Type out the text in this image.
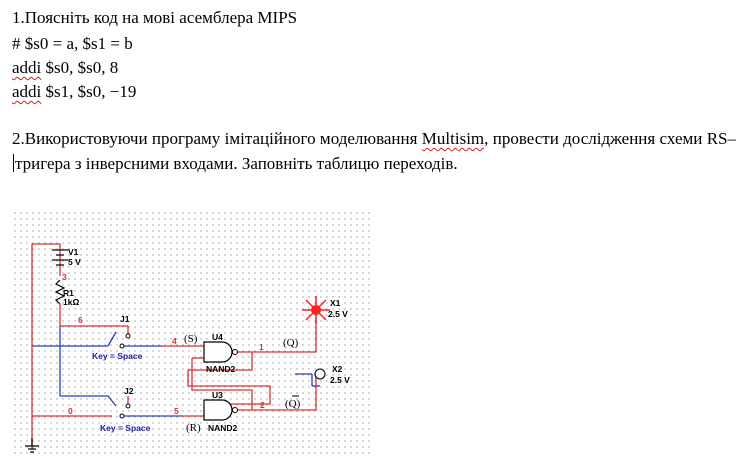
1.Поясніть код на мові асемблера MIPS
# $s0 = a, $s1 = b
addi $s0, $s0, 8
addi $s1, $s0, −19
2.Використовуючи програму імітаційного моделювання Multisim, провести дослідження схеми RS–тригера з інверсними входами. Заповніть таблицю переходів.
V1
5 V
R1
1kΩ
J1
J2
U4
NAND2
U3
NAND2
X1
2.5 V
X2
2.5 V
Key = Space
Key = Space
3
6
4
1
0	5
2
(S)
(R)
(Q)
(Q)
